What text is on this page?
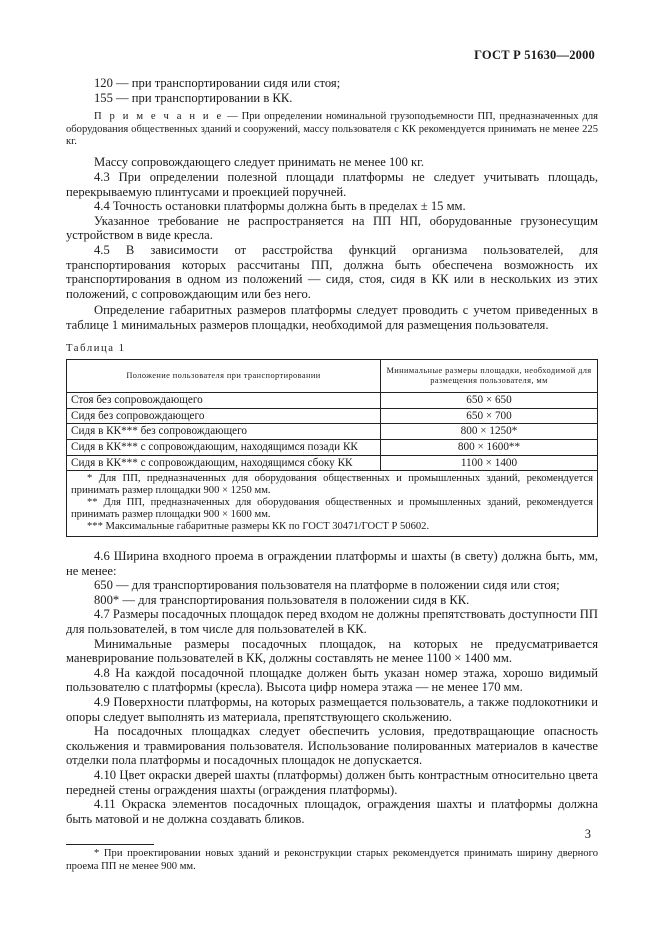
ГОСТ Р 51630—2000

120 — при транспортировании сидя или стоя;

155 — при транспортировании в КК.

П р и м е ч а н и е — При определении номинальной грузоподъемности ПП, предназначенных для оборудования общественных зданий и сооружений, массу пользователя с КК рекомендуется принимать не менее 225 кг.

Массу сопровождающего следует принимать не менее 100 кг.

4.3 При определении полезной площади платформы не следует учитывать площадь, перекрываемую плинтусами и проекцией поручней.

4.4 Точность остановки платформы должна быть в пределах ± 15 мм.

Указанное требование не распространяется на ПП НП, оборудованные грузонесущим устройством в виде кресла.

4.5 В зависимости от расстройства функций организма пользователей, для транспортирования которых рассчитаны ПП, должна быть обеспечена возможность их транспортирования в одном из положений — сидя, стоя, сидя в КК или в нескольких из этих положений, с сопровождающим или без него.

Определение габаритных размеров платформы следует проводить с учетом приведенных в таблице 1 минимальных размеров площадки, необходимой для размещения пользователя.

Таблица 1
Положение пользователя при транспортировании	Минимальные размеры площадки, необходимой для размещения пользователя, мм
Стоя без сопровождающего	650 × 650
Сидя без сопровождающего	650 × 700
Сидя в КК*** без сопровождающего	800 × 1250*
Сидя в КК*** с сопровождающим, находящимся позади КК	800 × 1600**
Сидя в КК*** с сопровождающим, находящимся сбоку КК	1100 × 1400

* Для ПП, предназначенных для оборудования общественных и промышленных зданий, рекомендуется принимать размер площадки 900 × 1250 мм.
** Для ПП, предназначенных для оборудования общественных и промышленных зданий, рекомендуется принимать размер площадки 900 × 1600 мм.
*** Максимальные габаритные размеры КК по ГОСТ 30471/ГОСТ Р 50602.	

4.6 Ширина входного проема в ограждении платформы и шахты (в свету) должна быть, мм, не менее:

650 — для транспортирования пользователя на платформе в положении сидя или стоя;

800* — для транспортирования пользователя в положении сидя в КК.

4.7 Размеры посадочных площадок перед входом не должны препятствовать доступности ПП для пользователей, в том числе для пользователей в КК.

Минимальные размеры посадочных площадок, на которых не предусматривается маневрирование пользователей в КК, должны составлять не менее 1100 × 1400 мм.

4.8 На каждой посадочной площадке должен быть указан номер этажа, хорошо видимый пользователю с платформы (кресла). Высота цифр номера этажа — не менее 170 мм.

4.9 Поверхности платформы, на которых размещается пользователь, а также подлокотники и опоры следует выполнять из материала, препятствующего скольжению.

На посадочных площадках следует обеспечить условия, предотвращающие опасность скольжения и травмирования пользователя. Использование полированных материалов в качестве отделки пола платформы и посадочных площадок не допускается.

4.10 Цвет окраски дверей шахты (платформы) должен быть контрастным относительно цвета передней стены ограждения шахты (ограждения платформы).

4.11 Окраска элементов посадочных площадок, ограждения шахты и платформы должна быть матовой и не должна создавать бликов.

* При проектировании новых зданий и реконструкции старых рекомендуется принимать ширину дверного проема ПП не менее 900 мм.

3
